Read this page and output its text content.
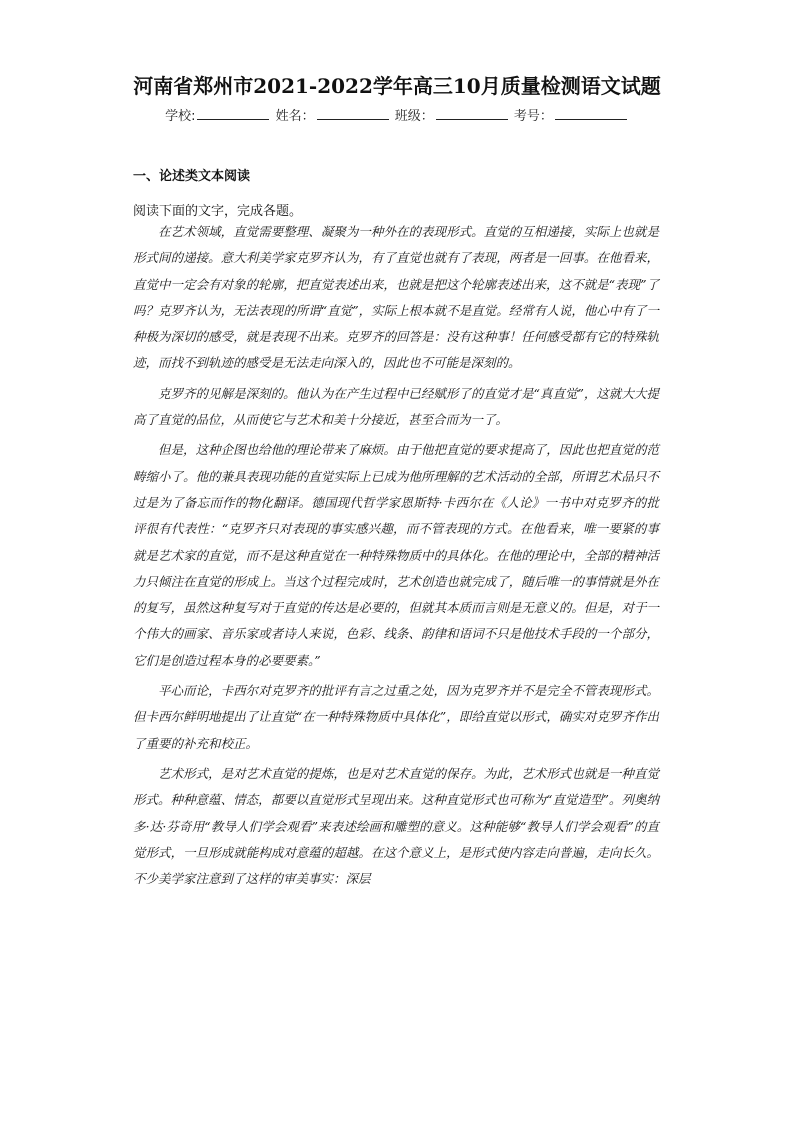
河南省郑州市2021-2022学年高三10月质量检测语文试题
学校:	姓名：	班级：	考号：
一、论述类文本阅读
阅读下面的文字，完成各题。

在艺术领域，直觉需要整理、凝聚为一种外在的表现形式。直觉的互相递接，实际上也就是形式间的递接。意大利美学家克罗齐认为，有了直觉也就有了表现，两者是一回事。在他看来，直觉中一定会有对象的轮廓，把直觉表述出来，也就是把这个轮廓表述出来，这不就是“表现”了吗？克罗齐认为，无法表现的所谓“直觉”，实际上根本就不是直觉。经常有人说，他心中有了一种极为深切的感受，就是表现不出来。克罗齐的回答是：没有这种事！任何感受都有它的特殊轨迹，而找不到轨迹的感受是无法走向深入的，因此也不可能是深刻的。

克罗齐的见解是深刻的。他认为在产生过程中已经赋形了的直觉才是“真直觉”，这就大大提高了直觉的品位，从而使它与艺术和美十分接近，甚至合而为一了。

但是，这种企图也给他的理论带来了麻烦。由于他把直觉的要求提高了，因此也把直觉的范畴缩小了。他的兼具表现功能的直觉实际上已成为他所理解的艺术活动的全部，所谓艺术品只不过是为了备忘而作的物化翻译。德国现代哲学家恩斯特·卡西尔在《人论》一书中对克罗齐的批评很有代表性：“克罗齐只对表现的事实感兴趣，而不管表现的方式。在他看来，唯一要紧的事就是艺术家的直觉，而不是这种直觉在一种特殊物质中的具体化。在他的理论中，全部的精神活力只倾注在直觉的形成上。当这个过程完成时，艺术创造也就完成了，随后唯一的事情就是外在的复写，虽然这种复写对于直觉的传达是必要的，但就其本质而言则是无意义的。但是，对于一个伟大的画家、音乐家或者诗人来说，色彩、线条、韵律和语词不只是他技术手段的一个部分，它们是创造过程本身的必要要素。”

平心而论，卡西尔对克罗齐的批评有言之过重之处，因为克罗齐并不是完全不管表现形式。但卡西尔鲜明地提出了让直觉“在一种特殊物质中具体化”，即给直觉以形式，确实对克罗齐作出了重要的补充和校正。

艺术形式，是对艺术直觉的提炼，也是对艺术直觉的保存。为此，艺术形式也就是一种直觉形式。种种意蕴、情态，都要以直觉形式呈现出来。这种直觉形式也可称为“直觉造型”。列奥纳多·达·芬奇用“教导人们学会观看”来表述绘画和雕塑的意义。这种能够“教导人们学会观看”的直觉形式，一旦形成就能构成对意蕴的超越。在这个意义上，是形式使内容走向普遍，走向长久。不少美学家注意到了这样的审美事实：深层
